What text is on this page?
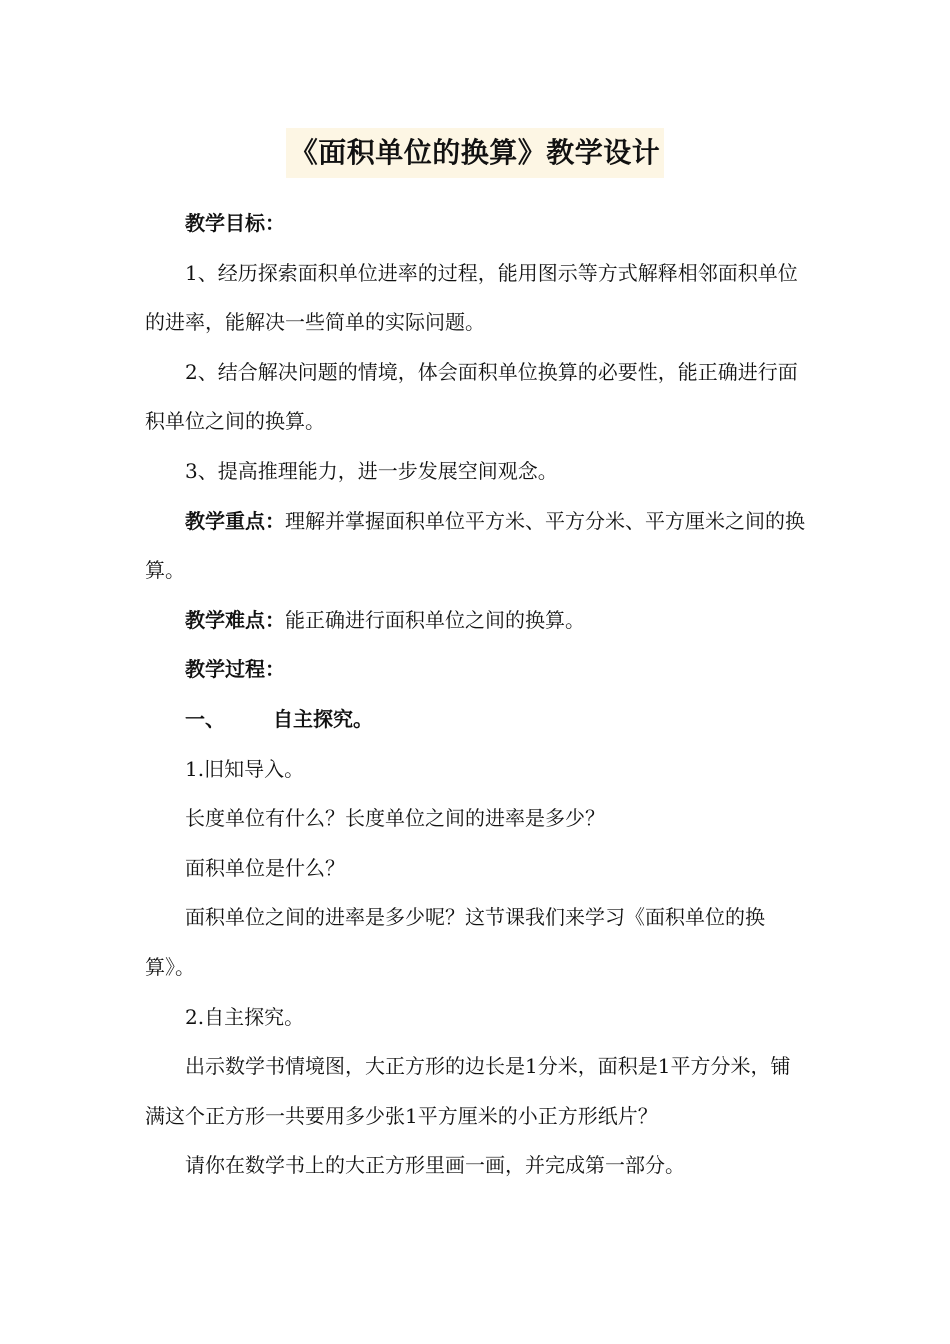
《面积单位的换算》教学设计

教学目标：

1、经历探索面积单位进率的过程，能用图示等方式解释相邻面积单位的进率，能解决一些简单的实际问题。

2、结合解决问题的情境，体会面积单位换算的必要性，能正确进行面积单位之间的换算。

3、提高推理能力，进一步发展空间观念。

教学重点：理解并掌握面积单位平方米、平方分米、平方厘米之间的换算。

教学难点：能正确进行面积单位之间的换算。

教学过程：

一、 自主探究。

1.旧知导入。

长度单位有什么？长度单位之间的进率是多少？

面积单位是什么？

面积单位之间的进率是多少呢？这节课我们来学习《面积单位的换算》。

2.自主探究。

出示数学书情境图，大正方形的边长是1分米，面积是1平方分米，铺满这个正方形一共要用多少张1平方厘米的小正方形纸片？

请你在数学书上的大正方形里画一画，并完成第一部分。
